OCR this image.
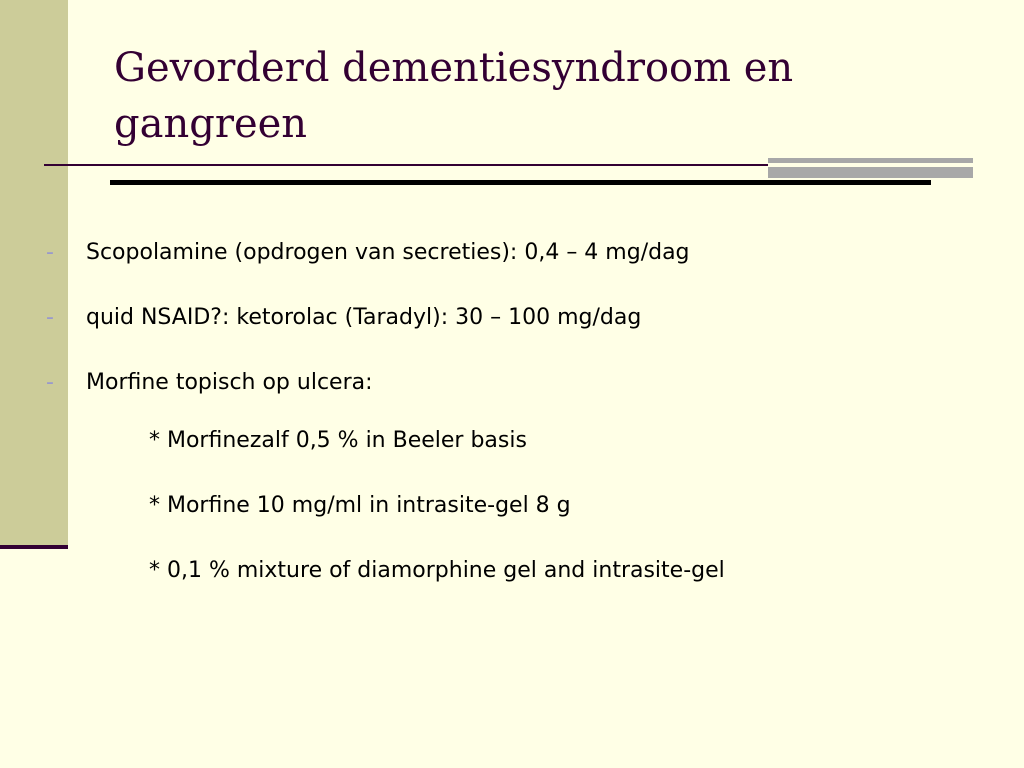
Gevorderd dementiesyndroom en gangreen
- Scopolamine (opdrogen van secreties): 0,4 – 4 mg/dag
- quid NSAID?: ketorolac (Taradyl): 30 – 100 mg/dag
- Morfine topisch op ulcera:
* Morfinezalf 0,5 % in Beeler basis
* Morfine 10 mg/ml in intrasite-gel 8 g
* 0,1 % mixture of diamorphine gel and intrasite-gel
